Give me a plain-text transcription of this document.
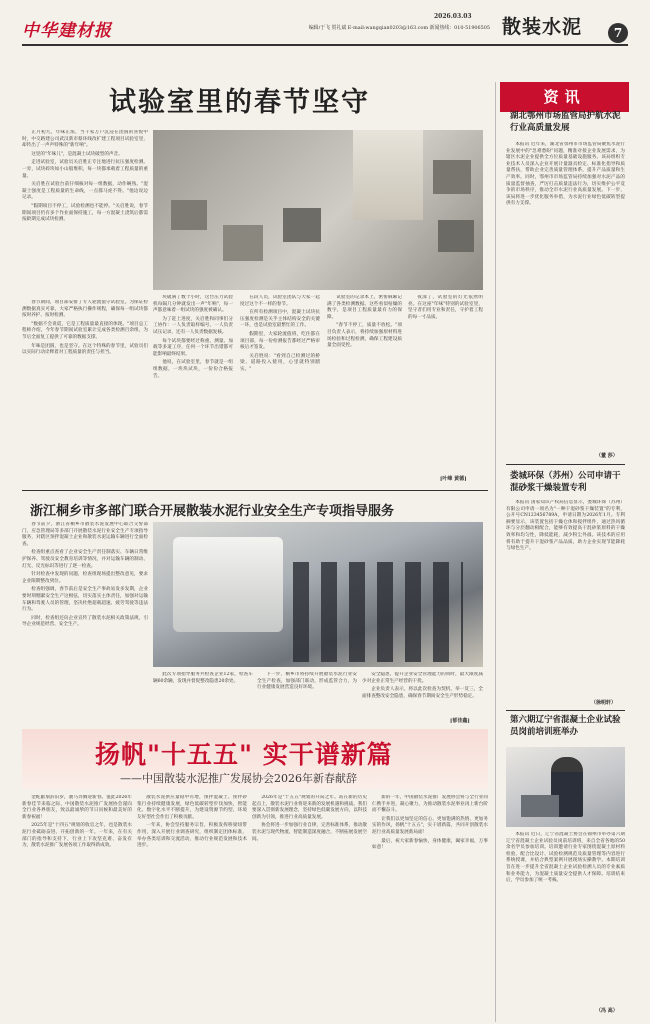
中华建材报
2026.03.03
编辑/于飞 贺礼斌 E-mail:wangqian0203@163.com 新闻热线：010-51906505 散装水泥	7
试验室里的春节坚守

正月初九，年味正浓，当千家万户沉浸在团圆的喜悦中时，中交路建公司武汉新市蔡环线改扩建工程项目试验室里，却传出了一声声特殊的"新年响"。

这里的"年味儿"，是混凝土试块破型的声音。

走进试验室，试验员关启胜正专注地进行抗压强度检测。一旁，试块碎块如小山般堆积，每一块都承载着工程质量的重量。

关启胜在试验台前仔细核对每一组数据，动作娴熟。"混凝土强度是工程质量的生命线，一点都马虎不得。"他边说边记录。

"假期项目不停工，试验检测也不能停。"关启胜说，春节期间项目仍有多个作业面保持施工，每一方混凝土浇筑后都需按龄期完成试块检测。

春节期间，项目部安排了专人轮流值守试验室。为保证检测数据真实可靠，大家严格执行操作规程，确保每一组试块都按时养护、按时检测。

"数据不会说谎，它是工程质量最直接的体现。"项目总工程师介绍，今年春节期间试验室累计完成各类检测百余组，为节后全面复工提供了可靠的数据支撑。

年味是团圆，也是坚守。在这个特殊的春节里，试验员们以实际行动诠释着对工程质量的责任与担当。

块破满了数个小时，这台压力试验机每隔几分钟就发出一声"年响"，每一声都意味着一组试块的强度被确认。

为了赶上进度，关启胜和同事们分工协作：一人负责取样编号，一人负责试压记录，还有一人负责数据复核。

每个试块都要经过称重、测量、加载等多道工序，任何一个环节出错都可能影响最终结果。

他说，在试验室里，春节就是一组组数据，一块块试块，一份份合格报告。

在段人员，试验室团队与大家一起度过这个不一样的春节。

在所有检测项目中，混凝土试块抗压强度检测是关乎主体结构安全的关键一环，也是试验室最繁忙的工作。

假期里，大家轮流值班，吃住都在项目部，每一份检测报告都经过严格审核后才签发。

关启胜说："看到自己检测过的桥梁、道路投入使用，心里就特别踏实。"

试验室的记录本上，密密麻麻记满了各类检测数据。这些看似枯燥的数字，是项目工程质量最有力的保障。

"春节不停工，质量不放松。"项目负责人表示，将持续加强原材料进场检验和过程检测，确保工程建设质量全面受控。

夜深了，试验室的灯光依然明亮。在这座"年味"特别的试验室里，坚守者们用专业和责任，守护着工程的每一寸品质。

[叶峰 黄德]
浙江桐乡市多部门联合开展散装水泥行业安全生产专项指导服务

春节前夕，浙江省桐乡市散装水泥发展中心联合交警部门、应急管理局等多部门开展散装水泥行业安全生产专项指导服务，对辖区预拌混凝土企业和散装水泥运输车辆进行全面检查。

检查组重点查看了企业安全生产责任制落实、车辆日常维护保养、驾驶员安全教育培训等情况，并对运输车辆的制动、灯光、反光标识等进行了逐一检查。

针对检查中发现的问题，检查组现场提出整改意见，要求企业限期整改到位。

检查组强调，春节前后是安全生产事故易发多发期，企业要时刻绷紧安全生产这根弦，切实落实主体责任，加强对运输车辆和驾驶人员的管理，坚决杜绝超载超速、疲劳驾驶等违法行为。

同时，检查组还向企业宣传了散装水泥相关政策法规，引导企业规范经营、安全生产。

此次专项指导服务共检查企业12家，检查车辆60余辆，发现并督促整改隐患20余处。

下一步，桐乡市将持续开展散装水泥行业安全生产检查，加强部门联动，形成监管合力，为行业健康发展营造良好环境。

安全隐患，提升企业安全管理能力的同时，最大限度减少对企业正常生产经营的干扰。

企业负责人表示，将以此次检查为契机，举一反三，全面排查整改安全隐患，确保春节期间安全生产形势稳定。

[郁佳鑫]
扬帆"十五五" 实干谱新篇
——中国散装水泥推广发展协会2026年新春献辞

金蛇献瑞辞旧岁，骏马奔腾迎新春。值此2026年新春佳节来临之际，中国散装水泥推广发展协会谨向全行业各界朋友，致以最诚挚的节日问候和最美好的新春祝福！

2025年是"十四五"规划的收官之年，也是散装水泥行业砥砺奋进、开拓创新的一年。一年来，在有关部门的指导和支持下，行业上下攻坚克难、奋发有为，散装水泥推广发展各项工作取得新成效。

散装水泥供应量稳中有增，预拌混凝土、预拌砂浆行业持续健康发展，绿色低碳转型步伐加快，智能化、数字化水平不断提升，为建设资源节约型、环境友好型社会作出了积极贡献。

一年来，协会坚持服务宗旨，积极发挥桥梁纽带作用，深入开展行业调查研究，组织制定团体标准，举办各类培训和交流活动，推动行业规范发展和技术进步。

2026年是"十五五"规划的开局之年。站在新的历史起点上，散装水泥行业将迎来新的发展机遇和挑战。我们要深入贯彻新发展理念，坚持绿色低碳发展方向，以科技创新为引领，推进行业高质量发展。

协会将进一步加强行业自律，完善标准体系，推动散装水泥与现代物流、智能制造深度融合，不断拓展发展空间。

新的一年，中国散装水泥推广发展协会将与全行业同仁携手并进，凝心聚力，为推动散装水泥事业再上新台阶而不懈奋斗。

让我们以更加坚定的信心、更加饱满的热情、更加务实的作风，扬帆"十五五"，实干谱新篇，共同开创散装水泥行业高质量发展新局面！

最后，祝大家新春愉快，身体健康，阖家幸福，万事如意！

资讯
湖北鄂州市场监管局护航水泥行业高质量发展

本报讯 近年来，湖北省鄂州市市场监管局聚焦水泥行业发展中的"急难愁盼"问题，精准对接企业发展需求，为辖区水泥企业提供全方位质量基础设施服务。该局组织专业技术人员深入企业开展计量器具检定、标准化指导和质量帮扶，帮助企业完善质量管理体系，提升产品质量和生产效率。同时，鄂州市市场监管局持续加强对水泥产品的质量监督抽查，严厉打击质量违法行为，切实维护公平竞争的市场秩序，推动全市水泥行业高质量发展。下一步，该局将进一步优化服务举措，为水泥行业绿色低碳转型提供有力支撑。

（董 莎）
娄城环保（苏州）公司申请干混砂浆干燥装置专利

本报讯 国家知识产权局信息显示，娄城环保（苏州）有限公司申请一项名为"一种干混砂浆干燥装置"的专利，公开号CN123456789A，申请日期为2026年1月。专利摘要显示，该装置包括干燥仓体和搅拌组件，通过热风循环与分层翻动相配合，能够有效提高干混砂浆原料的干燥效率和均匀性，降低能耗，减少粉尘外溢。该技术的应用将有助于提升干混砂浆产品品质，助力企业实现节能降耗与绿色生产。

（徐明轩）
第六期辽宁省混凝土企业试验员岗前培训班举办

本报讯 近日，辽宁省混凝土协会在锦州市举办第六期辽宁省混凝土企业试验员岗前培训班，来自全省各地的50余名学员参加培训。培训邀请行业专家围绕混凝土原材料检验、配合比设计、试验检测规范及质量管理等内容进行系统授课，并结合典型案例开展现场实操教学。本期培训旨在进一步提升全省混凝土企业试验检测人员的专业素质和业务能力，为混凝土质量安全提供人才保障。培训结束后，学员参加了统一考核。

（冯 高）
